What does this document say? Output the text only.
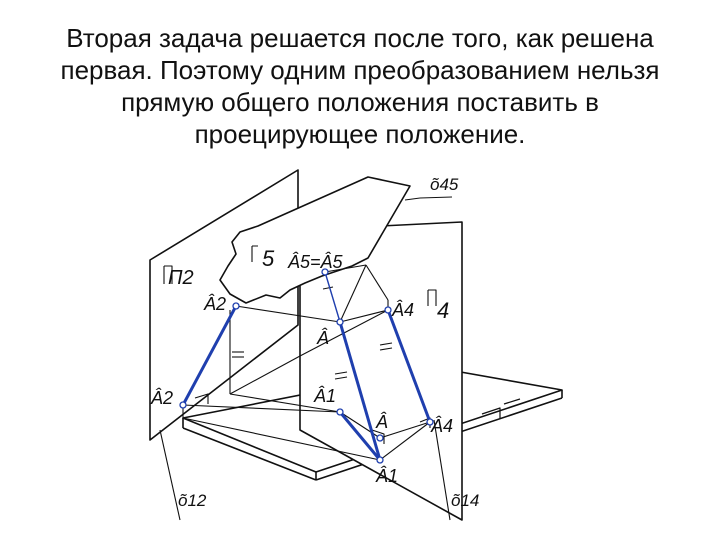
Вторая задача решается после того, как решена
первая. Поэтому одним преобразованием нельзя
прямую общего положения поставить в
проецирующее положение.
П2
4
5
Â2
Â2
Â
Â1
Â
Â1
Â4
Â4
Â5=Â5
õ45
õ12	õ14
